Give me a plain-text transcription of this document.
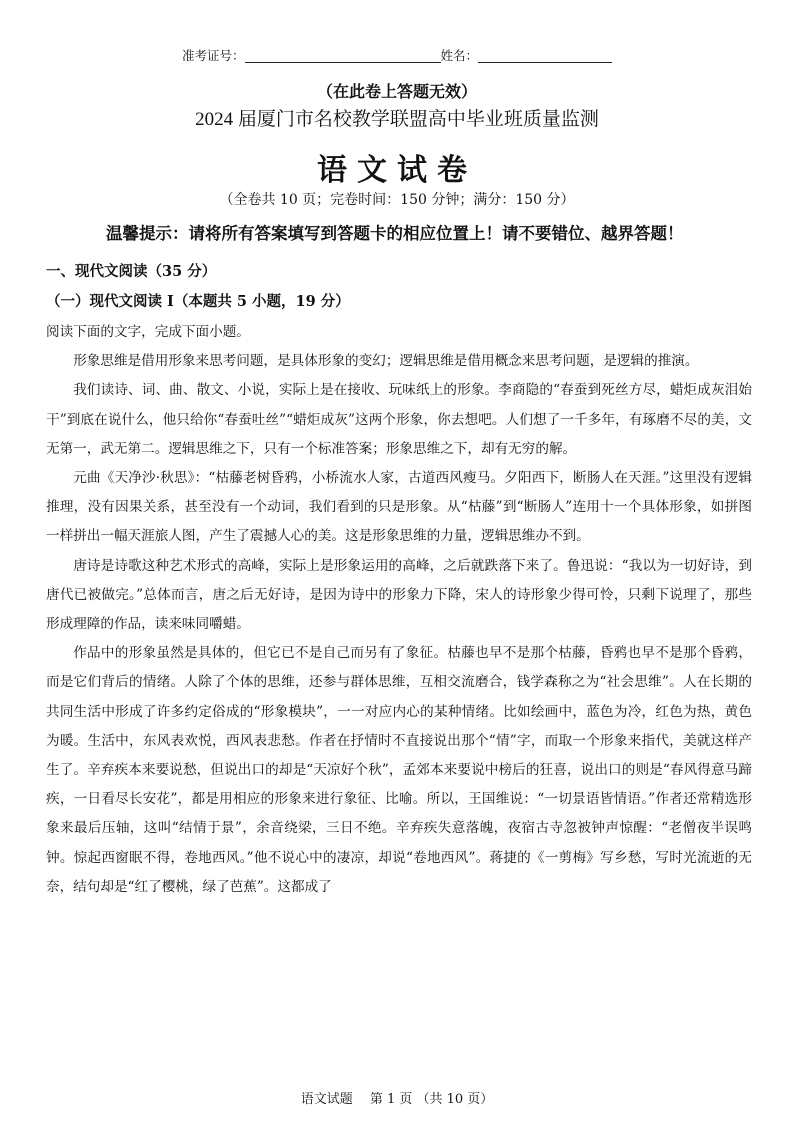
准考证号：	姓名：
（在此卷上答题无效）
2024 届厦门市名校教学联盟高中毕业班质量监测
语文试卷
（全卷共 10 页；完卷时间：150 分钟；满分：150 分）
温馨提示：请将所有答案填写到答题卡的相应位置上！请不要错位、越界答题！
一、现代文阅读（35 分）
（一）现代文阅读 I（本题共 5 小题，19 分）

阅读下面的文字，完成下面小题。

形象思维是借用形象来思考问题，是具体形象的变幻；逻辑思维是借用概念来思考问题，是逻辑的推演。

我们读诗、词、曲、散文、小说，实际上是在接收、玩味纸上的形象。李商隐的“春蚕到死丝方尽，蜡炬成灰泪始干”到底在说什么，他只给你“春蚕吐丝”“蜡炬成灰”这两个形象，你去想吧。人们想了一千多年，有琢磨不尽的美，文无第一，武无第二。逻辑思维之下，只有一个标准答案；形象思维之下，却有无穷的解。

元曲《天净沙·秋思》：“枯藤老树昏鸦，小桥流水人家，古道西风瘦马。夕阳西下，断肠人在天涯。”这里没有逻辑推理，没有因果关系，甚至没有一个动词，我们看到的只是形象。从“枯藤”到“断肠人”连用十一个具体形象，如拼图一样拼出一幅天涯旅人图，产生了震撼人心的美。这是形象思维的力量，逻辑思维办不到。

唐诗是诗歌这种艺术形式的高峰，实际上是形象运用的高峰，之后就跌落下来了。鲁迅说：“我以为一切好诗，到唐代已被做完。”总体而言，唐之后无好诗，是因为诗中的形象力下降，宋人的诗形象少得可怜，只剩下说理了，那些形成理障的作品，读来味同嚼蜡。

作品中的形象虽然是具体的，但它已不是自己而另有了象征。枯藤也早不是那个枯藤，昏鸦也早不是那个昏鸦，而是它们背后的情绪。人除了个体的思维，还参与群体思维，互相交流磨合，钱学森称之为“社会思维”。人在长期的共同生活中形成了许多约定俗成的“形象模块”，一一对应内心的某种情绪。比如绘画中，蓝色为冷，红色为热，黄色为暖。生活中，东风表欢悦，西风表悲愁。作者在抒情时不直接说出那个“情”字，而取一个形象来指代，美就这样产生了。辛弃疾本来要说愁，但说出口的却是“天凉好个秋”，孟郊本来要说中榜后的狂喜，说出口的则是“春风得意马蹄疾，一日看尽长安花”，都是用相应的形象来进行象征、比喻。所以，王国维说：“一切景语皆情语。”作者还常精选形象来最后压轴，这叫“结情于景”，余音绕梁，三日不绝。辛弃疾失意落魄，夜宿古寺忽被钟声惊醒：“老僧夜半误鸣钟。惊起西窗眠不得，卷地西风。”他不说心中的凄凉，却说“卷地西风”。蒋捷的《一剪梅》写乡愁，写时光流逝的无奈，结句却是“红了樱桃，绿了芭蕉”。这都成了

语文试题　 第 1 页 （共 10 页）
